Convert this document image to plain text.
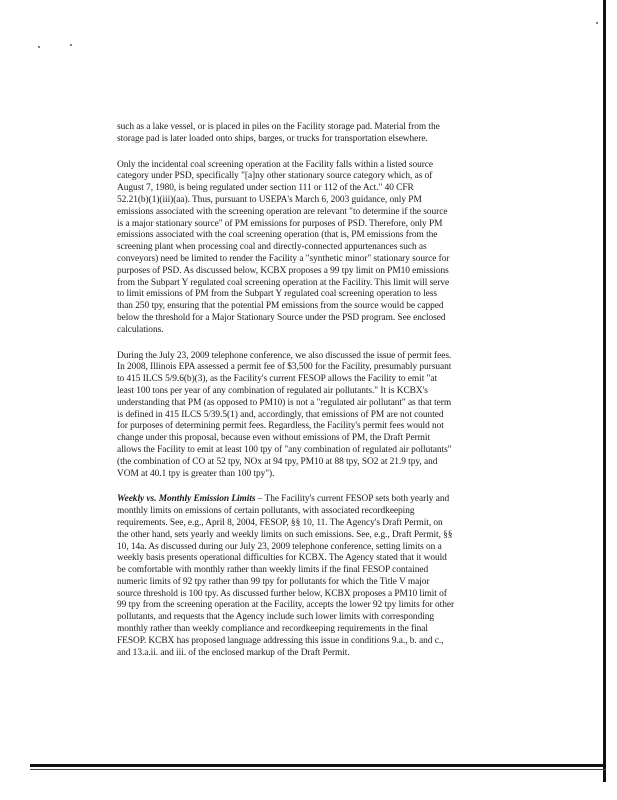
such as a lake vessel, or is placed in piles on the Facility storage pad. Material from the
storage pad is later loaded onto ships, barges, or trucks for transportation elsewhere.

Only the incidental coal screening operation at the Facility falls within a listed source
category under PSD, specifically "[a]ny other stationary source category which, as of
August 7, 1980, is being regulated under section 111 or 112 of the Act." 40 CFR
52.21(b)(1)(iii)(aa). Thus, pursuant to USEPA's March 6, 2003 guidance, only PM
emissions associated with the screening operation are relevant "to determine if the source
is a major stationary source" of PM emissions for purposes of PSD. Therefore, only PM
emissions associated with the coal screening operation (that is, PM emissions from the
screening plant when processing coal and directly-connected appurtenances such as
conveyors) need be limited to render the Facility a "synthetic minor" stationary source for
purposes of PSD. As discussed below, KCBX proposes a 99 tpy limit on PM10 emissions
from the Subpart Y regulated coal screening operation at the Facility. This limit will serve
to limit emissions of PM from the Subpart Y regulated coal screening operation to less
than 250 tpy, ensuring that the potential PM emissions from the source would be capped
below the threshold for a Major Stationary Source under the PSD program. See enclosed
calculations.

During the July 23, 2009 telephone conference, we also discussed the issue of permit fees.
In 2008, Illinois EPA assessed a permit fee of $3,500 for the Facility, presumably pursuant
to 415 ILCS 5/9.6(b)(3), as the Facility's current FESOP allows the Facility to emit "at
least 100 tons per year of any combination of regulated air pollutants." It is KCBX's
understanding that PM (as opposed to PM10) is not a "regulated air pollutant" as that term
is defined in 415 ILCS 5/39.5(1) and, accordingly, that emissions of PM are not counted
for purposes of determining permit fees. Regardless, the Facility's permit fees would not
change under this proposal, because even without emissions of PM, the Draft Permit
allows the Facility to emit at least 100 tpy of "any combination of regulated air pollutants"
(the combination of CO at 52 tpy, NOx at 94 tpy, PM10 at 88 tpy, SO2 at 21.9 tpy, and
VOM at 40.1 tpy is greater than 100 tpy").

Weekly vs. Monthly Emission Limits – The Facility's current FESOP sets both yearly and
monthly limits on emissions of certain pollutants, with associated recordkeeping
requirements. See, e.g., April 8, 2004, FESOP, §§ 10, 11. The Agency's Draft Permit, on
the other hand, sets yearly and weekly limits on such emissions. See, e.g., Draft Permit, §§
10, 14a. As discussed during our July 23, 2009 telephone conference, setting limits on a
weekly basis presents operational difficulties for KCBX. The Agency stated that it would
be comfortable with monthly rather than weekly limits if the final FESOP contained
numeric limits of 92 tpy rather than 99 tpy for pollutants for which the Title V major
source threshold is 100 tpy. As discussed further below, KCBX proposes a PM10 limit of
99 tpy from the screening operation at the Facility, accepts the lower 92 tpy limits for other
pollutants, and requests that the Agency include such lower limits with corresponding
monthly rather than weekly compliance and recordkeeping requirements in the final
FESOP. KCBX has proposed language addressing this issue in conditions 9.a., b. and c.,
and 13.a.ii. and iii. of the enclosed markup of the Draft Permit.
